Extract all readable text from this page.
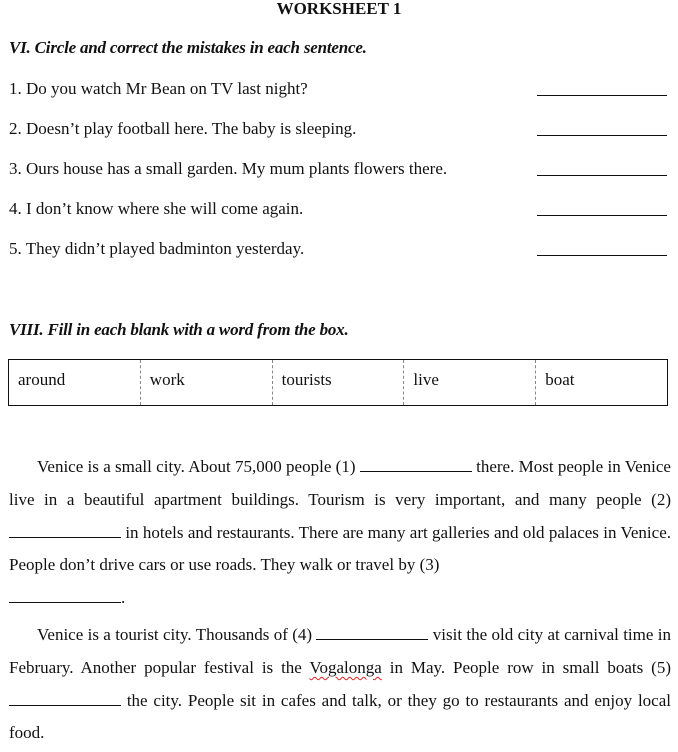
WORKSHEET 1
VI. Circle and correct the mistakes in each sentence.
1. Do you watch Mr Bean on TV last night?
2. Doesn’t play football here. The baby is sleeping.
3. Ours house has a small garden. My mum plants flowers there.
4. I don’t know where she will come again.
5. They didn’t played badminton yesterday.
VIII. Fill in each blank with a word from the box.
around	work	tourists	live	boat
Venice is a small city. About 75,000 people (1)	there. Most people in Venice live in a beautiful apartment buildings. Tourism is very important, and many people (2)  in hotels and restaurants. There are many art galleries and old palaces in Venice. People don’t drive cars or use roads. They walk or travel by (3)
.
Venice is a tourist city. Thousands of (4)	visit the old city at carnival time in February. Another popular festival is the Vogalonga in May. People row in small boats (5)  the city. People sit in cafes and talk, or they go to restaurants and enjoy local food.
